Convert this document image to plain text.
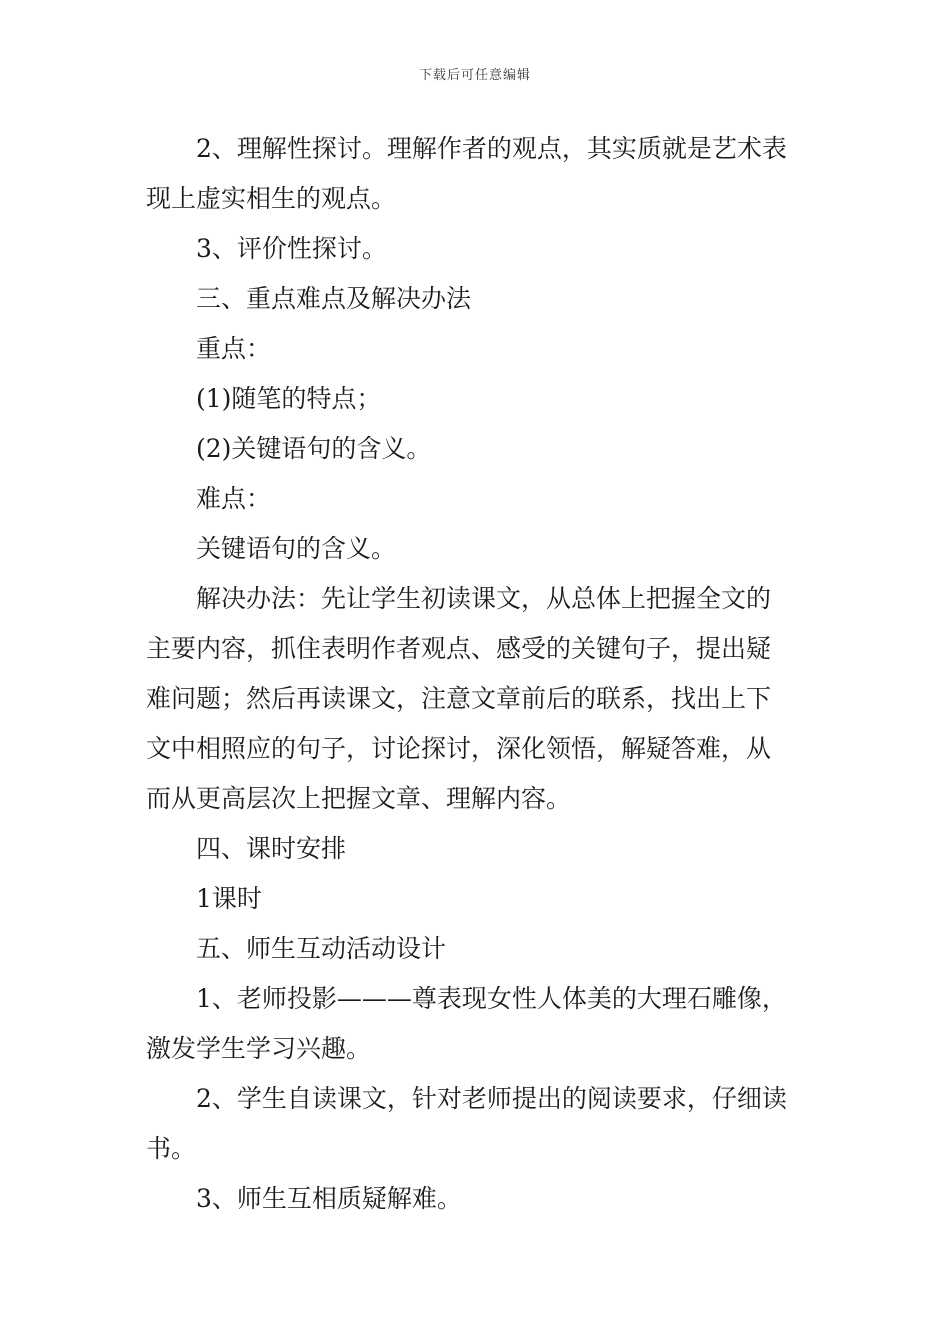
下载后可任意编辑

2、理解性探讨。理解作者的观点，其实质就是艺术表

现上虚实相生的观点。

3、评价性探讨。

三、重点难点及解决办法

重点：

(1)随笔的特点；

(2)关键语句的含义。

难点：

关键语句的含义。

解决办法：先让学生初读课文，从总体上把握全文的

主要内容，抓住表明作者观点、感受的关键句子，提出疑

难问题；然后再读课文，注意文章前后的联系，找出上下

文中相照应的句子，讨论探讨，深化领悟，解疑答难，从

而从更高层次上把握文章、理解内容。

四、课时安排

1课时

五、师生互动活动设计

1、老师投影———尊表现女性人体美的大理石雕像，

激发学生学习兴趣。

2、学生自读课文，针对老师提出的阅读要求，仔细读

书。

3、师生互相质疑解难。
